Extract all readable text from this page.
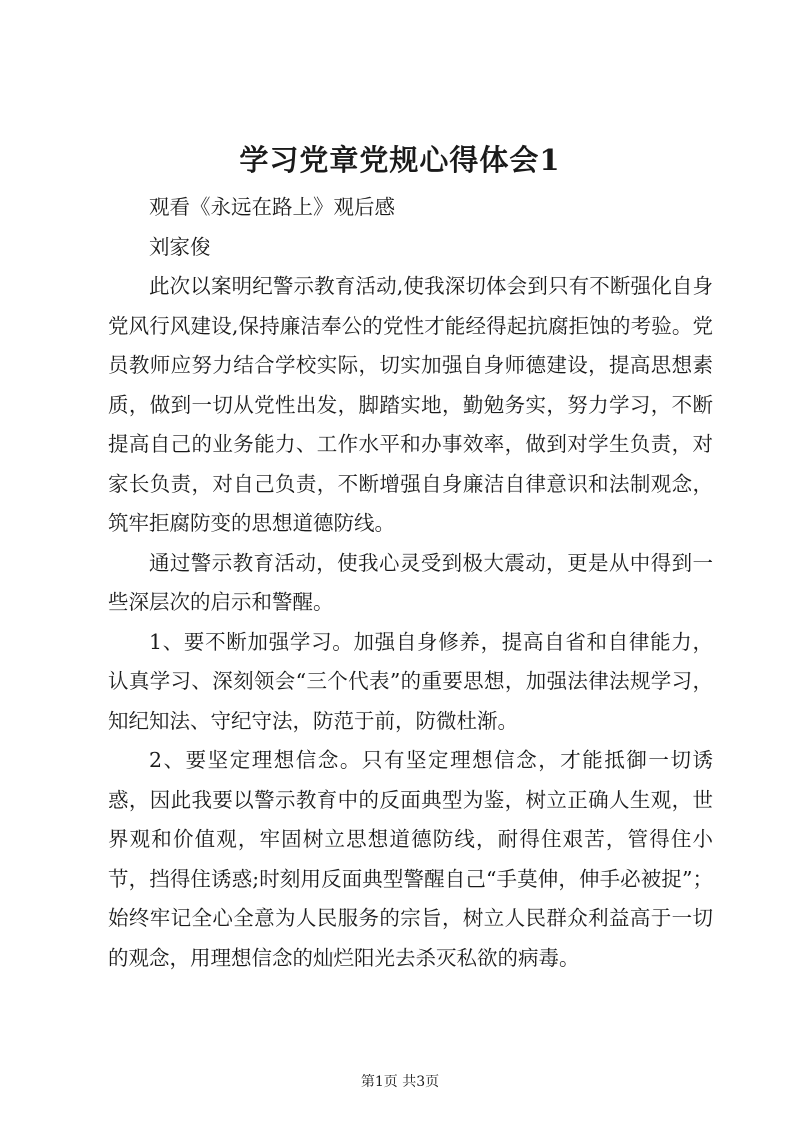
学习党章党规心得体会1

观看《永远在路上》观后感

刘家俊

此次以案明纪警示教育活动,使我深切体会到只有不断强化自身党风行风建设,保持廉洁奉公的党性才能经得起抗腐拒蚀的考验。党员教师应努力结合学校实际，切实加强自身师德建设，提高思想素质，做到一切从党性出发，脚踏实地，勤勉务实，努力学习，不断提高自己的业务能力、工作水平和办事效率，做到对学生负责，对家长负责，对自己负责，不断增强自身廉洁自律意识和法制观念，筑牢拒腐防变的思想道德防线。

通过警示教育活动，使我心灵受到极大震动，更是从中得到一些深层次的启示和警醒。

1、要不断加强学习。加强自身修养，提高自省和自律能力，认真学习、深刻领会“三个代表”的重要思想，加强法律法规学习，知纪知法、守纪守法，防范于前，防微杜渐。

2、要坚定理想信念。只有坚定理想信念，才能抵御一切诱惑，因此我要以警示教育中的反面典型为鉴，树立正确人生观，世界观和价值观，牢固树立思想道德防线，耐得住艰苦，管得住小节，挡得住诱惑;时刻用反面典型警醒自己“手莫伸，伸手必被捉”；始终牢记全心全意为人民服务的宗旨，树立人民群众利益高于一切的观念，用理想信念的灿烂阳光去杀灭私欲的病毒。

第1页 共3页
